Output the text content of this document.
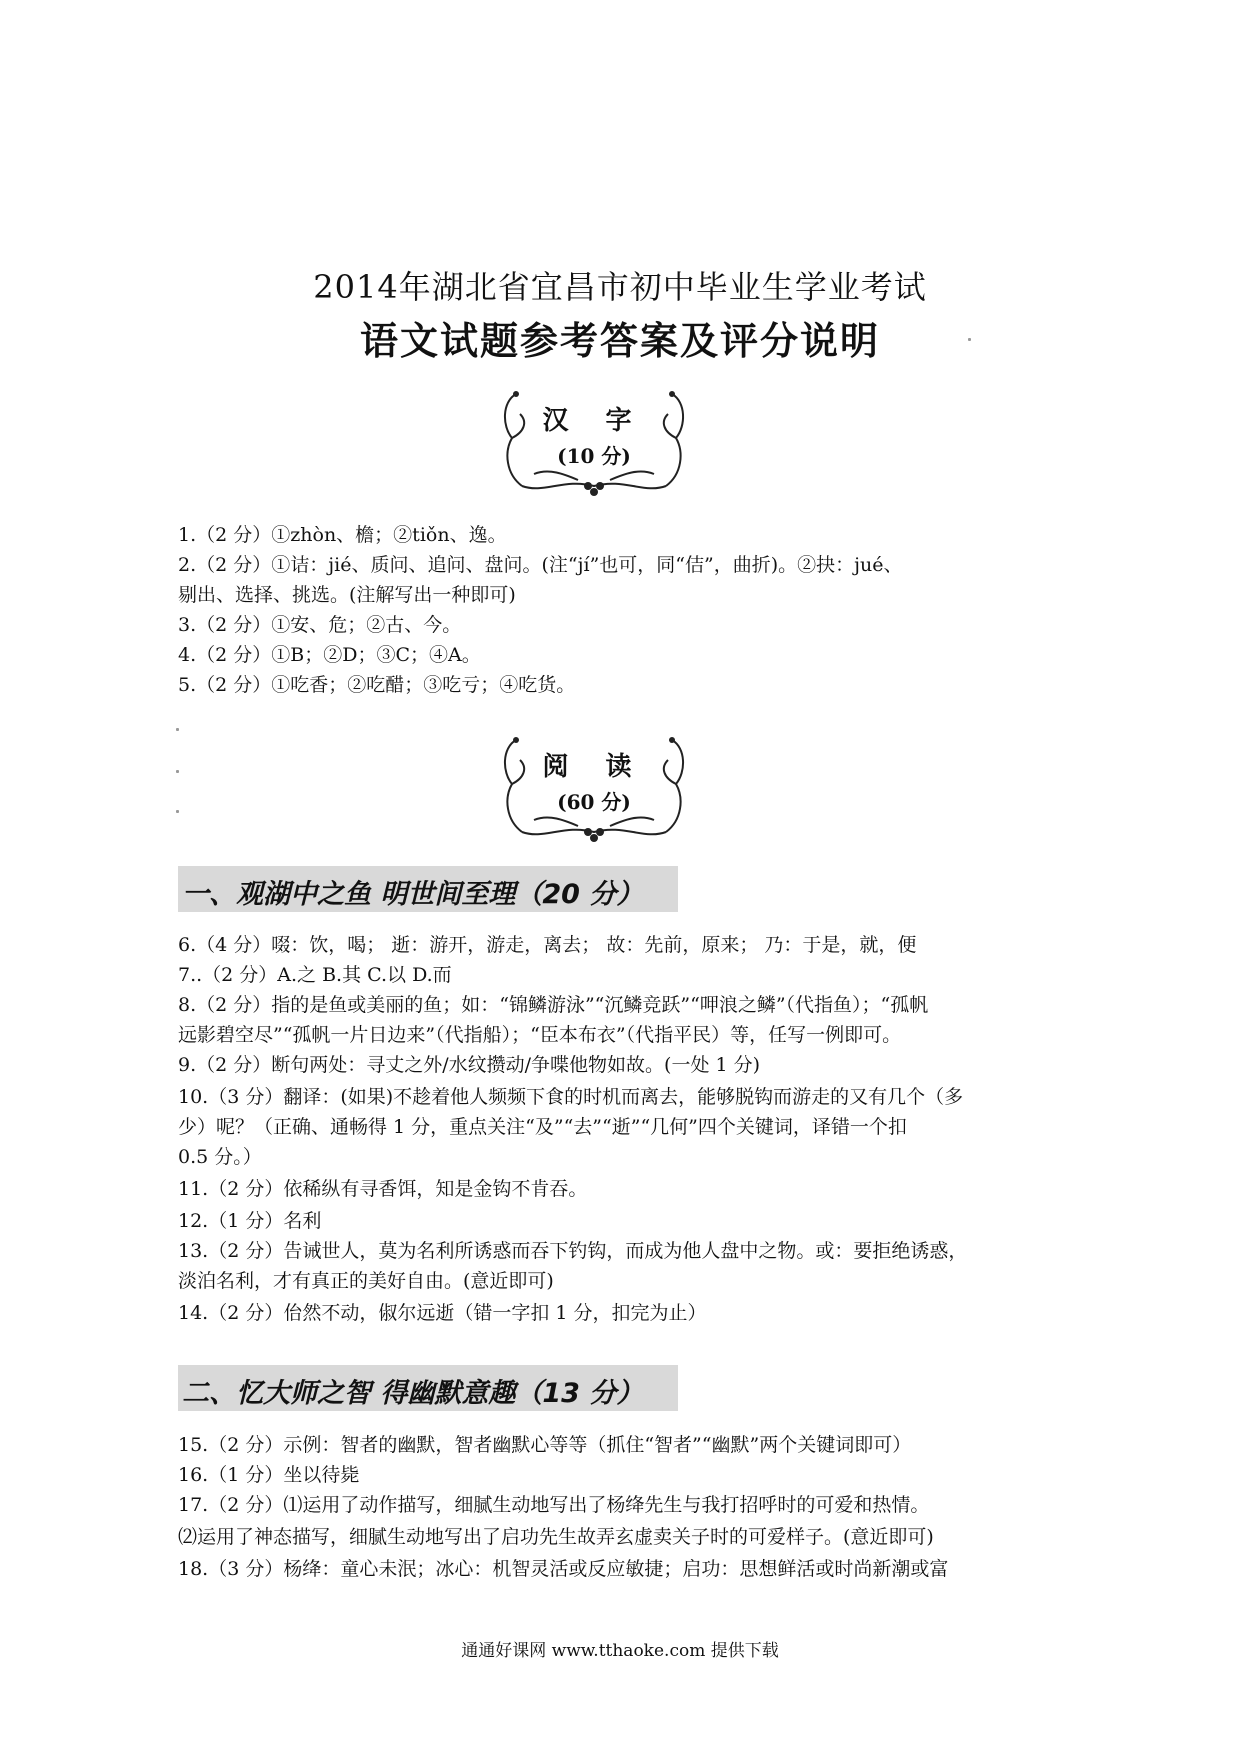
2014年湖北省宜昌市初中毕业生学业考试
语文试题参考答案及评分说明
汉 字
(10 分)
1.（2 分）①zhòn、檐；②tiǒn、逸。
2.（2 分）①诘：jié、质问、追问、盘问。(注“jí”也可，同“佶”，曲折)。②抉：jué、
剔出、选择、挑选。(注解写出一种即可)
3.（2 分）①安、危；②古、今。
4.（2 分）①B；②D；③C；④A。
5.（2 分）①吃香；②吃醋；③吃亏；④吃货。
阅 读
(60 分)
一、观湖中之鱼 明世间至理（20 分）
6.（4 分）啜：饮，喝； 逝：游开，游走，离去； 故：先前，原来； 乃：于是，就，便
7..（2 分）A.之 B.其 C.以 D.而
8.（2 分）指的是鱼或美丽的鱼；如：“锦鳞游泳”“沉鳞竞跃”“呷浪之鳞”（代指鱼）；“孤帆
远影碧空尽”“孤帆一片日边来”（代指船）；“臣本布衣”（代指平民）等，任写一例即可。
9.（2 分）断句两处：寻丈之外/水纹攒动/争喋他物如故。(一处 1 分)
10.（3 分）翻译：(如果)不趁着他人频频下食的时机而离去，能够脱钩而游走的又有几个（多
少）呢？（正确、通畅得 1 分，重点关注“及”“去”“逝”“几何”四个关键词，译错一个扣
0.5 分。）
11.（2 分）依稀纵有寻香饵，知是金钩不肯吞。
12.（1 分）名利
13.（2 分）告诫世人，莫为名利所诱惑而吞下钓钩，而成为他人盘中之物。或：要拒绝诱惑，
淡泊名利，才有真正的美好自由。(意近即可)
14.（2 分）佁然不动，俶尔远逝（错一字扣 1 分，扣完为止）
二、忆大师之智 得幽默意趣（13 分）
15.（2 分）示例：智者的幽默，智者幽默心等等（抓住“智者”“幽默”两个关键词即可）
16.（1 分）坐以待毙
17.（2 分）⑴运用了动作描写，细腻生动地写出了杨绛先生与我打招呼时的可爱和热情。
⑵运用了神态描写，细腻生动地写出了启功先生故弄玄虚卖关子时的可爱样子。(意近即可)
18.（3 分）杨绛：童心未泯；冰心：机智灵活或反应敏捷；启功：思想鲜活或时尚新潮或富
通通好课网 www.tthaoke.com 提供下载
